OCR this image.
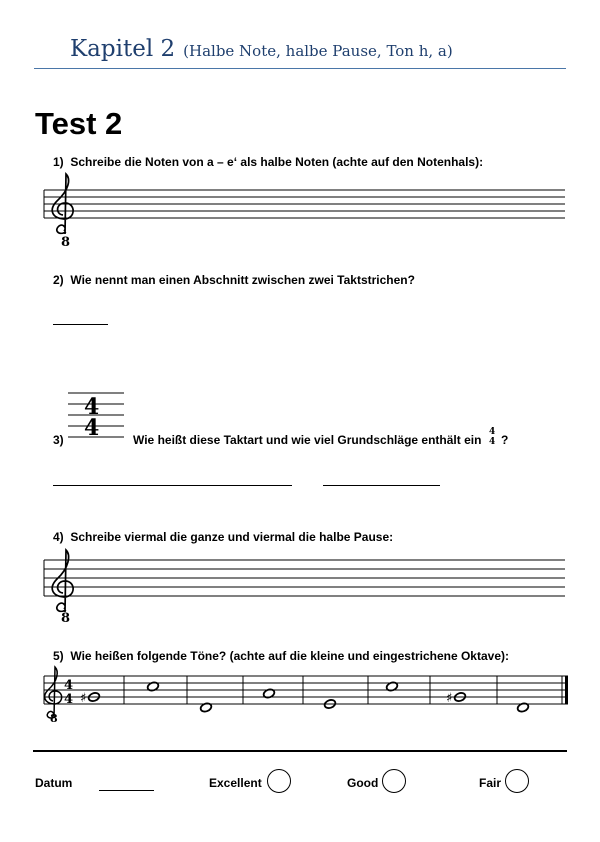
Kapitel 2 (Halbe Note, halbe Pause, Ton h, a)
Test 2
1) Schreibe die Noten von a – e‘ als halbe Noten (achte auf den Notenhals):
8
2) Wie nennt man einen Abschnitt zwischen zwei Taktstrichen?
4
4
3)	Wie heißt diese Taktart und wie viel Grundschläge enthält ein
4
4 ?
4) Schreibe viermal die ganze und viermal die halbe Pause:
8
5) Wie heißen folgende Töne? (achte auf die kleine und eingestrichene Oktave):
8
4
4 ♯	♯
Datum	Excellent	Good	Fair
